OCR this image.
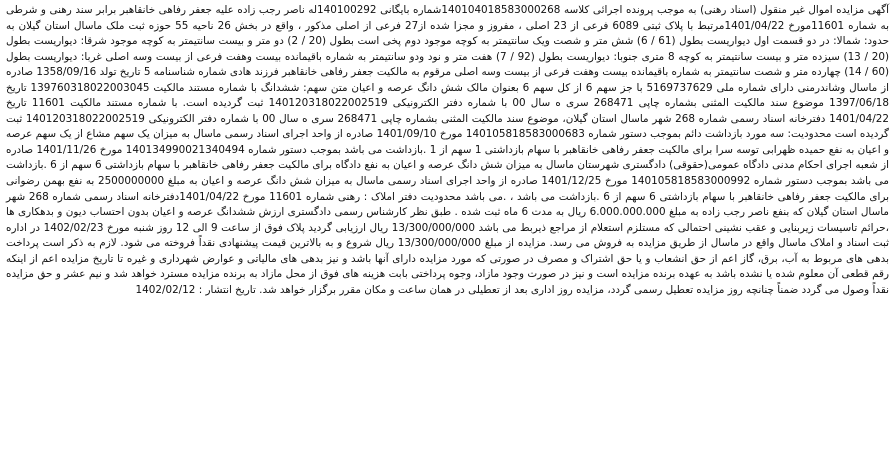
آگهی مزایده اموال غیر منقول (اسناد رهنی) به موجب پرونده اجرائی کلاسه 140104018583000268شماره بایگانی 140100292له ناصر رجب زاده علیه جعفر رفاهی خانقاهبر برابر سند رهنی و شرطی به شماره 11601مورخ 1401/04/22مرتبط با پلاک ثبتی 6089 فرعی از 23 اصلی ، مفروز و مجزا شده از27 فرعی از اصلی مذکور ، واقع در بخش 26 ناحیه 55 حوزه ثبت ملک ماسال استان گیلان به حدود: شمالا: در دو قسمت اول دیواریست بطول (61 / 6) شش متر و شصت ویک سانتیمتر به کوچه موجود دوم پخی است بطول (20 / 2) دو متر و بیست سانتیمتر به کوچه موجود شرقا: دیواریست بطول (20 / 13) سیزده متر و بیست سانتیمتر به کوچه 8 متری جنوبا: دیواریست بطول (92 / 7) هفت متر و نود ودو سانتیمتر به شماره باقیمانده بیست وهفت فرعی از بیست وسه اصلی غربا: دیواریست بطول (60 / 14) چهارده متر و شصت سانتیمتر به شماره باقیمانده بیست وهفت فرعی از بیست وسه اصلی مرقوم به مالکیت جعفر رفاهی خانقاهبر فرزند هادی شماره شناسنامه 5 تاریخ تولد 1358/09/16 صادره از ماسال وشاندرمنی دارای شماره ملی 5169737629 با جز سهم 6 از کل سهم 6 بعنوان مالک شش دانگ عرصه و اعیان متن سهم: ششدانگ با شماره مستند مالکیت 139760318022003045 تاریخ 1397/06/18 موضوع سند مالکیت المثنی بشماره چاپی 268471 سری ه سال 00 با شماره دفتر الکترونیکی 140120318022002519 ثبت گردیده است. با شماره مستند مالکیت 11601 تاریخ 1401/04/22 دفترخانه اسناد رسمی شماره 268 شهر ماسال استان گیلان، موضوع سند مالکیت المثنی بشماره چاپی 268471 سری ه سال 00 با شماره دفتر الکترونیکی 140120318022002519 ثبت گردیده است محدودیت: سه مورد بازداشت دائم بموجب دستور شماره 140105818583000683 مورخ 1401/09/10 صادره از واحد اجرای اسناد رسمی ماسال به میزان یک سهم مشاع از یک سهم عرصه و اعیان به نفع حمیده ظهرابی توسه سرا برای مالکیت جعفر رفاهی خانقاهبر با سهام بازداشتی 1 سهم از 1 .بازداشت می باشد بموجب دستور شماره 140134990021340494 مورخ 1401/11/26 صادره از شعبه اجرای احکام مدنی دادگاه عمومی(حقوقی) دادگستری شهرستان ماسال به میزان شش دانگ عرصه و اعیان به نفع دادگاه برای مالکیت جعفر رفاهی خانقاهبر با سهام بازداشتی 6 سهم از 6 .بازداشت می باشد بموجب دستور شماره 140105818583000992 مورخ 1401/12/25 صادره از واحد اجرای اسناد رسمی ماسال به میزان شش دانگ عرصه و اعیان به مبلغ 2500000000 به نفع بهمن رضوانی برای مالکیت جعفر رفاهی خانقاهبر با سهام بازداشتی 6 سهم از 6 .بازداشت می باشد ، .می باشد محدودیت دفتر املاک : رهنی شماره 11601 مورخ 1401/04/22دفترخانه اسناد رسمی شماره 268 شهر ماسال استان گیلان که بنفع ناصر رجب زاده به مبلغ 6.000.000.000 ریال به مدت 6 ماه ثبت شده . طبق نظر کارشناس رسمی دادگستری ارزش ششدانگ عرصه و اعیان بدون احتساب دیون و بدهکاری ها ،حرائم تاسیسات زیربنایی و عقب نشینی احتمالی که مستلزم استعلام از مراجع ذیربط می باشد 13/300/000/000 ریال ارزیابی گردید پلاک فوق از ساعت 9 الی 12 روز شنبه مورخ 1402/02/23 در اداره ثبت اسناد و املاک ماسال واقع در ماسال از طریق مزایده به فروش می رسد. مزایده از مبلغ 13/300/000/000 ریال شروع و به بالاترین قیمت پیشنهادی نقداً فروخته می شود. لازم به ذکر است پرداخت بدهی های مربوط به آب، برق، گاز اعم از حق انشعاب و یا حق اشتراک و مصرف در صورتی که مورد مزایده دارای آنها باشد و نیز بدهی های مالیاتی و عوارض شهرداری و غیره تا تاریخ مزایده اعم از اینکه رقم قطعی آن معلوم شده یا نشده باشد به عهده برنده مزایده است و نیز در صورت وجود مازاد، وجوه پرداختی بابت هزینه های فوق از محل مازاد به برنده مزایده مسترد خواهد شد و نیم عشر و حق مزایده نقداً وصول می گردد ضمناً چنانچه روز مزایده تعطیل رسمی گردد، مزایده روز اداری بعد از تعطیلی در همان ساعت و مکان مقرر برگزار خواهد شد. تاریخ انتشار : 1402/02/12
